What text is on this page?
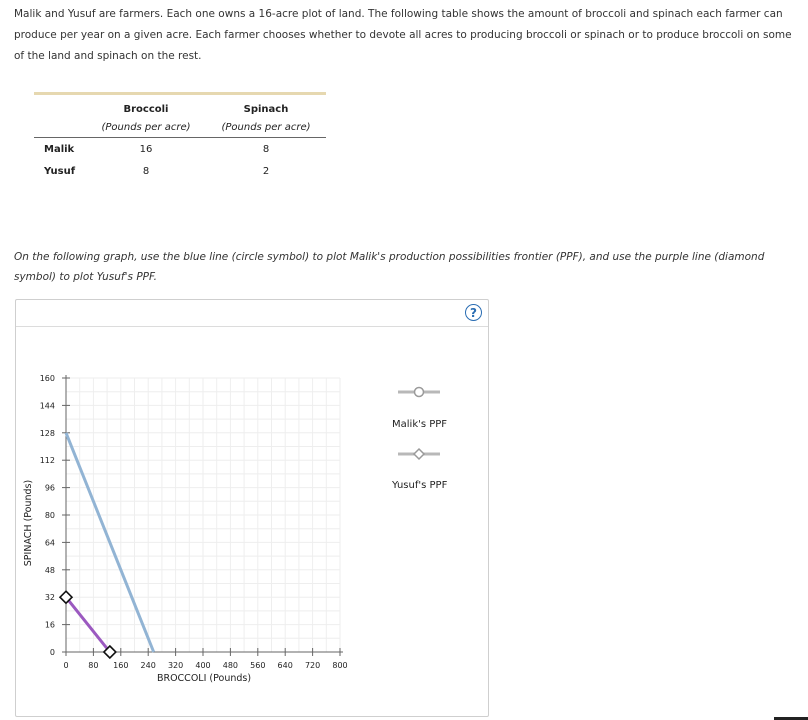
Malik and Yusuf are farmers. Each one owns a 16-acre plot of land. The following table shows the amount of broccoli and spinach each farmer can produce per year on a given acre. Each farmer chooses whether to devote all acres to producing broccoli or spinach or to produce broccoli on some of the land and spinach on the rest.
Broccoli	Spinach
(Pounds per acre)	(Pounds per acre)
Malik	16	8
Yusuf	8	2
On the following graph, use the blue line (circle symbol) to plot Malik's production possibilities frontier (PPF), and use the purple line (diamond symbol) to plot Yusuf's PPF.
?
0 80 160 240 320 400 480 560 640 720 800
0
16
32
48
64
80
96
112
128
144
160
BROCCOLI (Pounds)
SPINACH (Pounds)
Malik's PPF
Yusuf's PPF
